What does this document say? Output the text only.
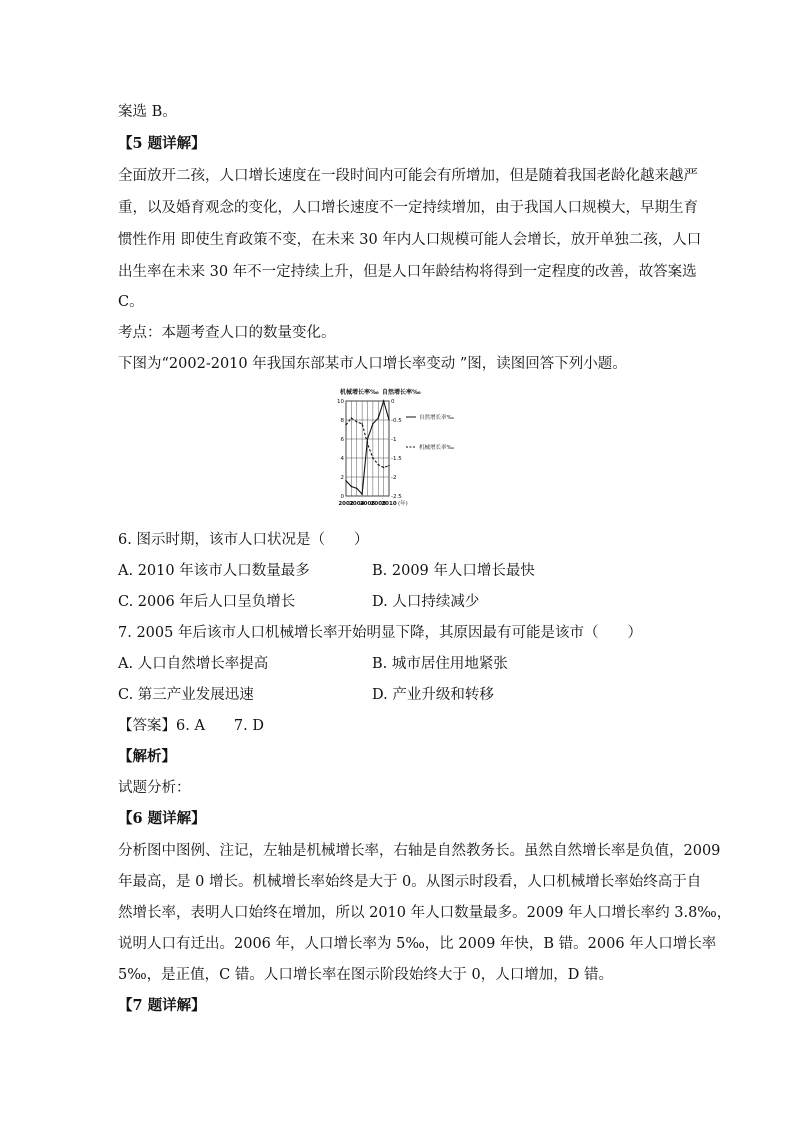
案选 B。
【5 题详解】
全面放开二孩，人口增长速度在一段时间内可能会有所增加，但是随着我国老龄化越来越严
重，以及婚育观念的变化，人口增长速度不一定持续增加，由于我国人口规模大，早期生育
惯性作用 即使生育政策不变，在未来 30 年内人口规模可能人会增长，放开单独二孩，人口
出生率在未来 30 年不一定持续上升，但是人口年龄结构将得到一定程度的改善，故答案选
C。
考点：本题考查人口的数量变化。
下图为“2002-2010 年我国东部某市人口增长率变动 ”图，读图回答下列小题。
10
8
6
4
2
0
0
-0.5
-1
-1.5
-2
-2.5
2002
2004
2006
2008
2010 (年)
机械增长率‰ 自然增长率‰
自然增长率‰
机械增长率‰
6. 图示时期，该市人口状况是（　　）
A. 2010 年该市人口数量最多	B. 2009 年人口增长最快
C. 2006 年后人口呈负增长	D. 人口持续减少
7. 2005 年后该市人口机械增长率开始明显下降，其原因最有可能是该市（　　）
A. 人口自然增长率提高	B. 城市居住用地紧张
C. 第三产业发展迅速	D. 产业升级和转移
【答案】6. A　　7. D
【解析】
试题分析：
【6 题详解】
分析图中图例、注记，左轴是机械增长率，右轴是自然教务长。虽然自然增长率是负值，2009
年最高，是 0 增长。机械增长率始终是大于 0。从图示时段看，人口机械增长率始终高于自
然增长率，表明人口始终在增加，所以 2010 年人口数量最多。2009 年人口增长率约 3.8‰，
说明人口有迁出。2006 年，人口增长率为 5‰，比 2009 年快，B 错。2006 年人口增长率
5‰，是正值，C 错。人口增长率在图示阶段始终大于 0，人口增加，D 错。
【7 题详解】
